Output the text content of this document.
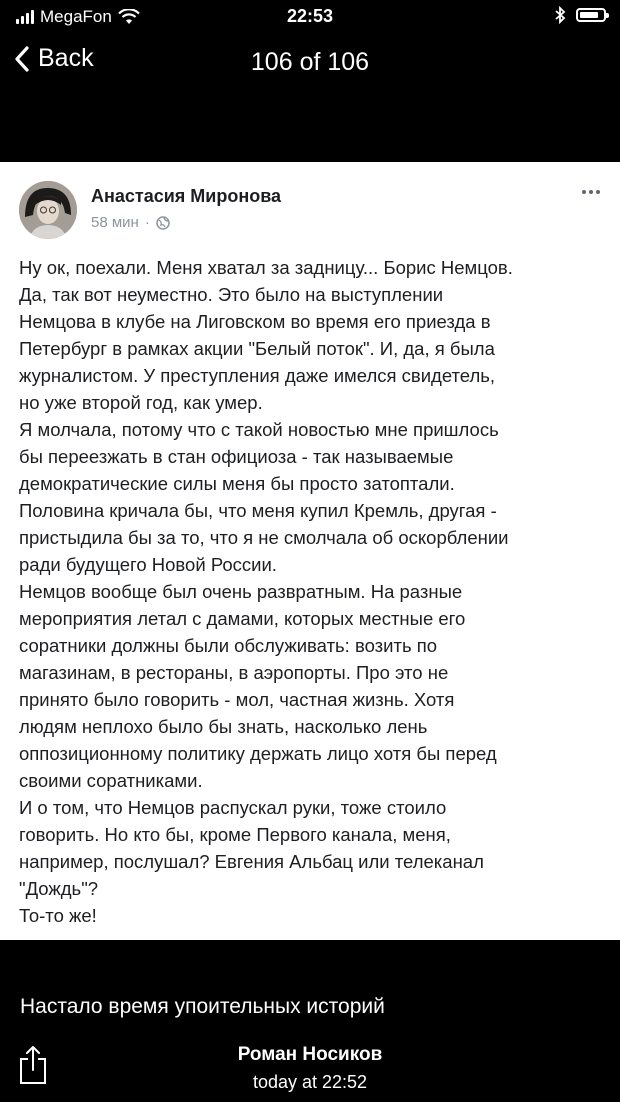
MegaFon	22:53
Back	106 of 106
Анастасия Миронова
58 мин ·

Ну ок, поехали. Меня хватал за задницу... Борис Немцов.
Да, так вот неуместно. Это было на выступлении
Немцова в клубе на Лиговском во время его приезда в
Петербург в рамках акции "Белый поток". И, да, я была
журналистом. У преступления даже имелся свидетель,
но уже второй год, как умер.

Я молчала, потому что с такой новостью мне пришлось
бы переезжать в стан официоза - так называемые
демократические силы меня бы просто затоптали.
Половина кричала бы, что меня купил Кремль, другая -
пристыдила бы за то, что я не смолчала об оскорблении
ради будущего Новой России.

Немцов вообще был очень развратным. На разные
мероприятия летал с дамами, которых местные его
соратники должны были обслуживать: возить по
магазинам, в рестораны, в аэропорты. Про это не
принято было говорить - мол, частная жизнь. Хотя
людям неплохо было бы знать, насколько лень
оппозиционному политику держать лицо хотя бы перед
своими соратниками.

И о том, что Немцов распускал руки, тоже стоило
говорить. Но кто бы, кроме Первого канала, меня,
например, послушал? Евгения Альбац или телеканал
"Дождь"?

То-то же!

Настало время упоительных историй
Роман Носиков
today at 22:52
